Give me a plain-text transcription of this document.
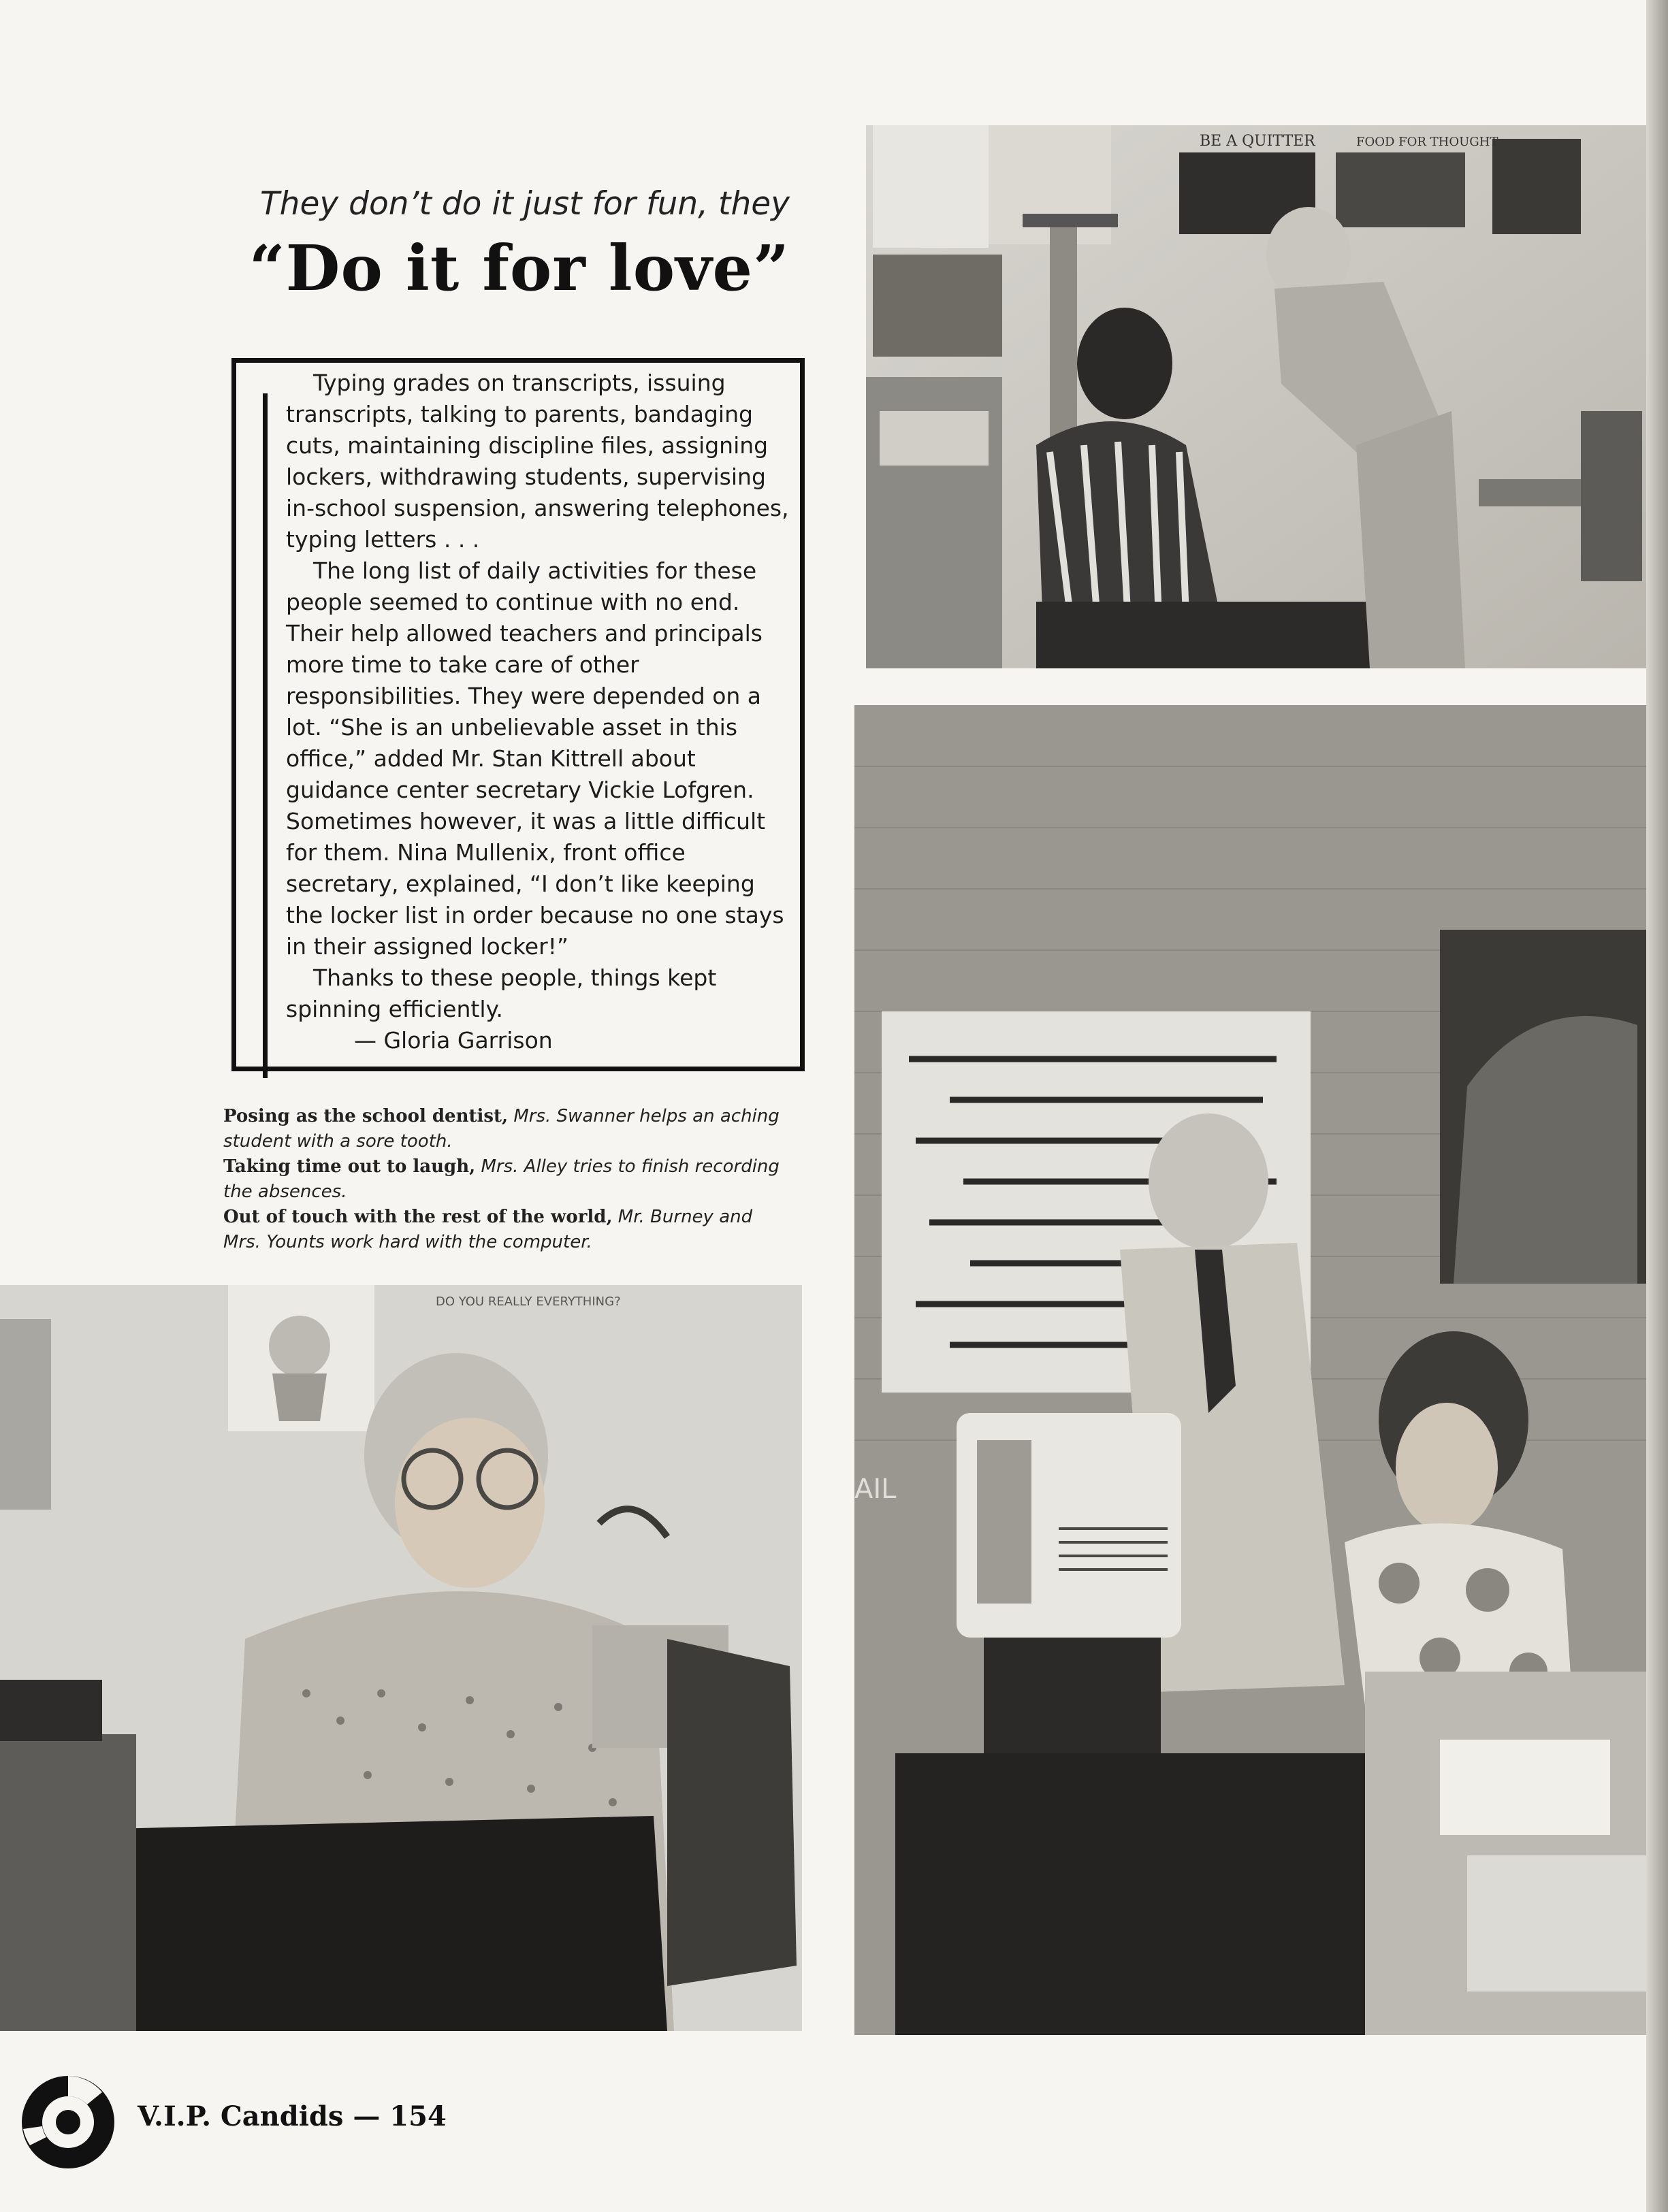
They don’t do it just for fun, they
“Do it for love”

Typing grades on transcripts, issuing transcripts, talking to parents, bandaging cuts, maintaining discipline files, assigning lockers, withdrawing students, supervising in-school suspension, answering telephones, typing letters . . .

The long list of daily activities for these people seemed to continue with no end. Their help allowed teachers and principals more time to take care of other responsibilities. They were depended on a lot. “She is an unbelievable asset in this office,” added Mr. Stan Kittrell about guidance center secretary Vickie Lofgren. Sometimes however, it was a little difficult for them. Nina Mullenix, front office secretary, explained, “I don’t like keeping the locker list in order because no one stays in their assigned locker!”

Thanks to these people, things kept spinning efficiently.

— Gloria Garrison

Posing as the school dentist, Mrs. Swanner helps an aching student with a sore tooth.

Taking time out to laugh, Mrs. Alley tries to finish recording the absences.

Out of touch with the rest of the world, Mr. Burney and Mrs. Younts work hard with the computer.

BE A QUITTER	FOOD FOR THOUGHT
DO YOU REALLY EVERYTHING?
AIL
V.I.P. Candids — 154
